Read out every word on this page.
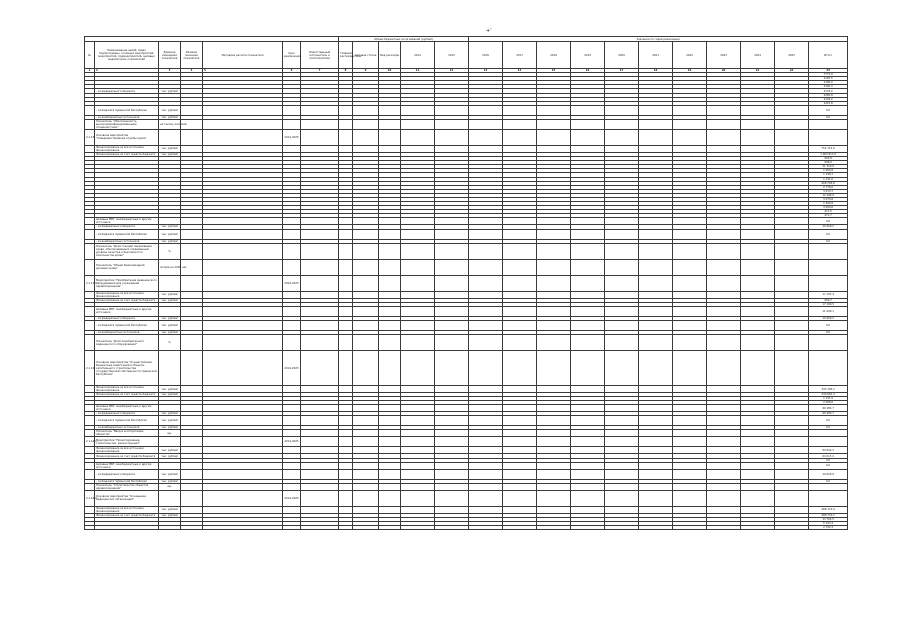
+'
							Объем бюджетных ассигнований (рублей)					Значения по годам реализации										
№	Наименование целей, задач подпрограммы, основных мероприятий, мероприятий, подмероприятий, целевых индикаторов, показателей	Единица измерения показателя	Базовое значение показателя	Методика расчета показателя	Срок реализации	Ответственный исполнитель и соисполнители	Главный распорядитель	Целевая статья	Вид расходов	2014	2015	2016	2017	2018	2019	2020	2021	2022	2023	2024	2025	Итого
1	2	3	4	5	6	7	8	9	10	11	12	13	14	15	16	17	18	19	20	21	22	23
																						7773,9
																						2105,5
																						1190,0
																						4140,3
	- из федерального бюджета	тыс. рублей																				3133,2
																						2265,8
																						2134,2
																						1415,8
	- из бюджета Чувашской Республики	тыс. рублей																				0,0
	- из внебюджетных источников	тыс. рублей																				0,0
	Показатель "Обеспеченность высококвалифицированными специалистами"	на тысячу жителей																				
2.1.15.	Основное мероприятие "Совершенствование службы крови"				2014-2025																	
	Финансирование за все источники финансирования	тыс. рублей																				752 713,0
	Финансирование за счет средств бюджета	тыс. рублей																				1 063 811,8
																						902,8
																						906,0
																						21 310,9
																						1 005,8
																						1 198,7
																						1 131,0
																						268 763,8
																						2 776,0
																						3 013,7
																						12 190,0
																						3 075,6
																						1 500,8
																						3 000,0
																						471,5
																						471,7
	Целевые МБТ, межбюджетные и другие источники																					0,0
	- из федерального бюджета	тыс. рублей																				10 900,2
	- из бюджета Чувашской Республики	тыс. рублей																				0,0
	- из внебюджетных источников	тыс. рублей																				0,0
	Показатель "Доля станций переливания крови, обеспечивающих современный уровень качества и безопасности компонентов крови"	%																				
	Показатель "Объем безвозмездной донации крови"	литров на 1000 нас.																				
2.1.15.1.	Мероприятие "Приобретение медицинского оборудования для учреждений здравоохранения"				2014-2025																	
	Финансирование за все источники финансирования	тыс. рублей																				17 197,4
	Финансирование за счет средств бюджета	тыс. рублей																				900,7
																						17 109,5
	Целевые МБТ, межбюджетные и другие источники																					11 000,1
	- из федерального бюджета	тыс. рублей																				10 900,2
	- из бюджета Чувашской Республики	тыс. рублей																				0,0
	- из внебюджетных источников	тыс. рублей																				0,0
	Показатель "Доля приобретенного медицинского оборудования"	%																				
2.1.16.	Основное мероприятие "Осуществление бюджетных инвестиций в объекты капитального строительства государственной собственности Чувашской Республики"				2014-2025																	
	Финансирование за все источники финансирования	тыс. рублей																				343 165,1
	Финансирование за счет средств бюджета	тыс. рублей																				243 681,4
																						1 131,5
																						2 008,0
	Целевые МБТ, межбюджетные и другие источники																					99 483,7
	- из федерального бюджета	тыс. рублей																				99 483,7
	- из бюджета Чувашской Республики	тыс. рублей																				0,0
	- из внебюджетных источников	тыс. рублей																				0,0
	Показатель "Ввод в эксплуатацию объектов"	ед.																				
2.1.16.1.	Мероприятие "Проектирование, строительство, реконструкция"				2014-2025																	
	Финансирование за все источники финансирования	тыс. рублей																				93 641,3
	Финансирование за счет средств бюджета	тыс. рублей																				64 017,4
																						0,0
	Целевые МБТ, межбюджетные и другие источники																					0,0
	- из федерального бюджета	тыс. рублей																				29 623,9
	- из бюджета Чувашской Республики	тыс. рублей																				0,0
	Показатель "Строительство объектов здравоохранения"	ед.																				
2.1.16.2.	Основное мероприятие "Оснащение медицинских организаций"				2014-2025																	
	Финансирование за все источники финансирования	тыс. рублей																				488 115,9
	Финансирование за счет средств бюджета	тыс. рублей																				388 751,1
																						13 702,5
																						5 703,3
																						2 792,3
